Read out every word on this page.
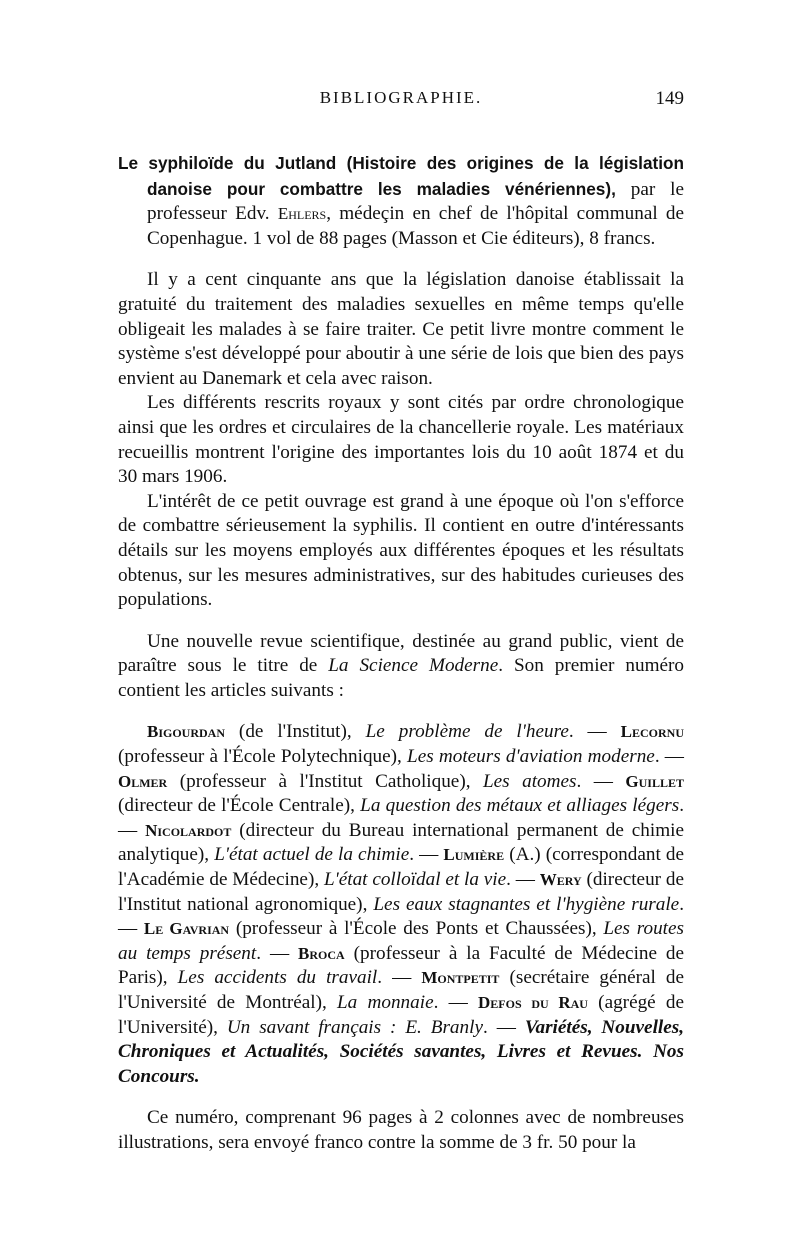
BIBLIOGRAPHIE.	149

Le syphiloïde du Jutland (Histoire des origines de la législation danoise pour combattre les maladies vénériennes), par le professeur Edv. Ehlers, médeçin en chef de l'hôpital communal de Copenhague. 1 vol de 88 pages (Masson et Cie éditeurs), 8 francs.

Il y a cent cinquante ans que la législation danoise établissait la gratuité du traitement des maladies sexuelles en même temps qu'elle obligeait les malades à se faire traiter. Ce petit livre montre comment le système s'est développé pour aboutir à une série de lois que bien des pays envient au Danemark et cela avec raison.

Les différents rescrits royaux y sont cités par ordre chronologique ainsi que les ordres et circulaires de la chancellerie royale. Les matériaux recueillis montrent l'origine des importantes lois du 10 août 1874 et du 30 mars 1906.

L'intérêt de ce petit ouvrage est grand à une époque où l'on s'efforce de combattre sérieusement la syphilis. Il contient en outre d'intéressants détails sur les moyens employés aux différentes époques et les résultats obtenus, sur les mesures administratives, sur des habitudes curieuses des populations.

Une nouvelle revue scientifique, destinée au grand public, vient de paraître sous le titre de La Science Moderne. Son premier numéro contient les articles suivants :

Bigourdan (de l'Institut), Le problème de l'heure. — Lecornu (professeur à l'École Polytechnique), Les moteurs d'aviation moderne. — Olmer (professeur à l'Institut Catholique), Les atomes. — Guillet (directeur de l'École Centrale), La question des métaux et alliages légers. — Nicolardot (directeur du Bureau international permanent de chimie analytique), L'état actuel de la chimie. — Lumière (A.) (correspondant de l'Académie de Médecine), L'état colloïdal et la vie. — Wery (directeur de l'Institut national agronomique), Les eaux stagnantes et l'hygiène rurale. — Le Gavrian (professeur à l'École des Ponts et Chaussées), Les routes au temps présent. — Broca (professeur à la Faculté de Médecine de Paris), Les accidents du travail. — Montpetit (secrétaire général de l'Université de Montréal), La monnaie. — Defos du Rau (agrégé de l'Université), Un savant français : E. Branly. — Variétés, Nouvelles, Chroniques et Actualités, Sociétés savantes, Livres et Revues. Nos Concours.

Ce numéro, comprenant 96 pages à 2 colonnes avec de nombreuses illustrations, sera envoyé franco contre la somme de 3 fr. 50 pour la
